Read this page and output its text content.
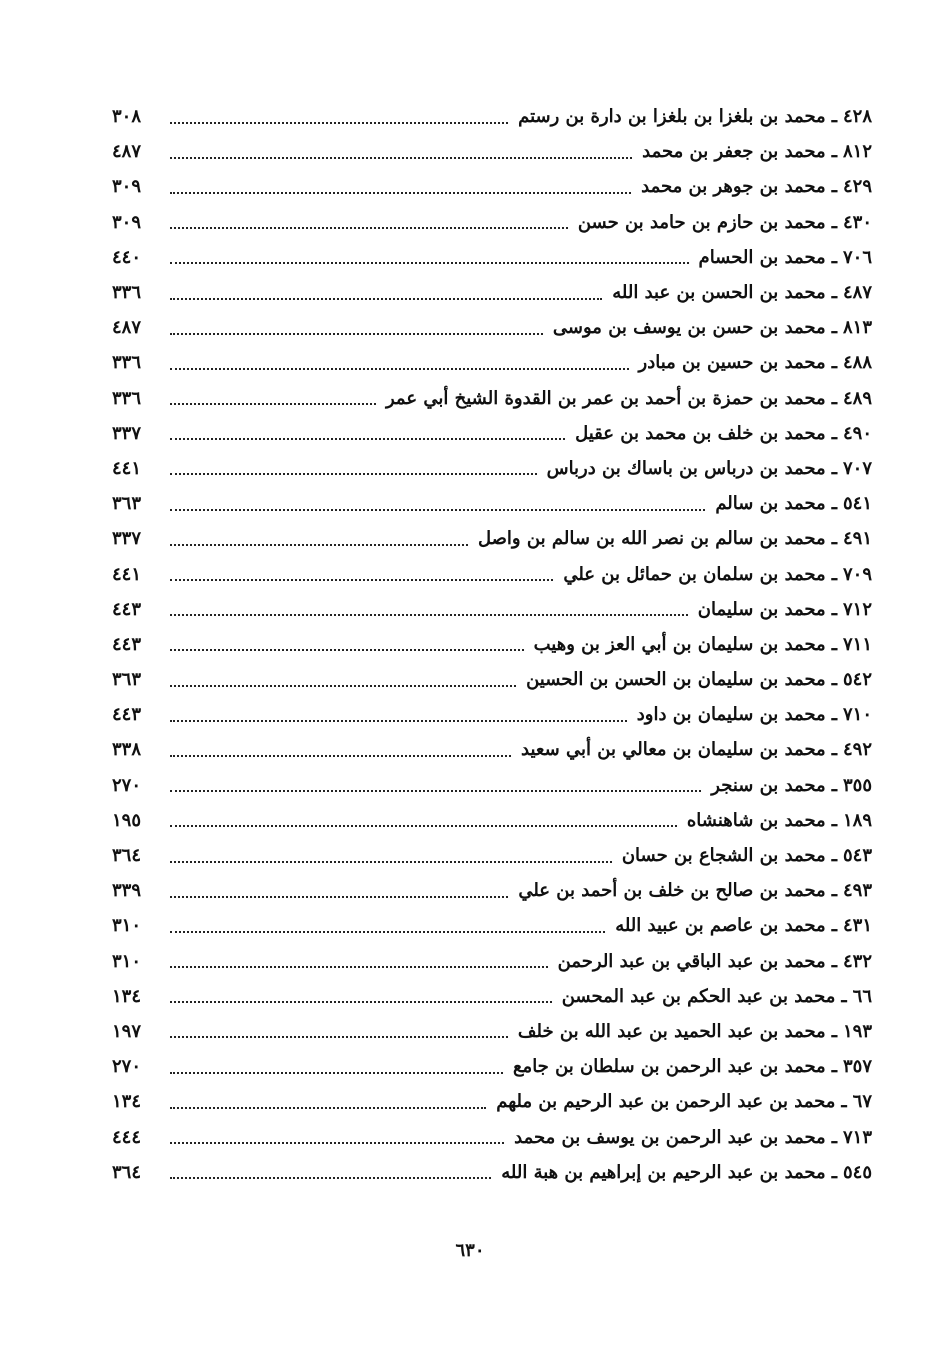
٤٢٨
ـ
محمد بن بلغزا بن بلغزا بن دارة بن رستم
٣٠٨
٨١٢
ـ
محمد بن جعفر بن محمد
٤٨٧
٤٢٩
ـ
محمد بن جوهر بن محمد
٣٠٩
٤٣٠
ـ
محمد بن حازم بن حامد بن حسن
٣٠٩
٧٠٦
ـ
محمد بن الحسام
٤٤٠
٤٨٧
ـ
محمد بن الحسن بن عبد الله
٣٣٦
٨١٣
ـ
محمد بن حسن بن يوسف بن موسى
٤٨٧
٤٨٨
ـ
محمد بن حسين بن مبادر
٣٣٦
٤٨٩
ـ
محمد بن حمزة بن أحمد بن عمر بن القدوة الشيخ أبي عمر
٣٣٦
٤٩٠
ـ
محمد بن خلف بن محمد بن عقيل
٣٣٧
٧٠٧
ـ
محمد بن درباس بن باساك بن درباس
٤٤١
٥٤١
ـ
محمد بن سالم
٣٦٣
٤٩١
ـ
محمد بن سالم بن نصر الله بن سالم بن واصل
٣٣٧
٧٠٩
ـ
محمد بن سلمان بن حمائل بن علي
٤٤١
٧١٢
ـ
محمد بن سليمان
٤٤٣
٧١١
ـ
محمد بن سليمان بن أبي العز بن وهيب
٤٤٣
٥٤٢
ـ
محمد بن سليمان بن الحسن بن الحسين
٣٦٣
٧١٠
ـ
محمد بن سليمان بن داود
٤٤٣
٤٩٢
ـ
محمد بن سليمان بن معالي بن أبي سعيد
٣٣٨
٣٥٥
ـ
محمد بن سنجر
٢٧٠
١٨٩
ـ
محمد بن شاهنشاه
١٩٥
٥٤٣
ـ
محمد بن الشجاع بن حسان
٣٦٤
٤٩٣
ـ
محمد بن صالح بن خلف بن أحمد بن علي
٣٣٩
٤٣١
ـ
محمد بن عاصم بن عبيد الله
٣١٠
٤٣٢
ـ
محمد بن عبد الباقي بن عبد الرحمن
٣١٠
٦٦
ـ
محمد بن عبد الحكم بن عبد المحسن
١٣٤
١٩٣
ـ
محمد بن عبد الحميد بن عبد الله بن خلف
١٩٧
٣٥٧
ـ
محمد بن عبد الرحمن بن سلطان بن جامع
٢٧٠
٦٧
ـ
محمد بن عبد الرحمن بن عبد الرحيم بن ملهم
١٣٤
٧١٣
ـ
محمد بن عبد الرحمن بن يوسف بن محمد
٤٤٤
٥٤٥
ـ
محمد بن عبد الرحيم بن إبراهيم بن هبة الله
٣٦٤
٦٣٠
